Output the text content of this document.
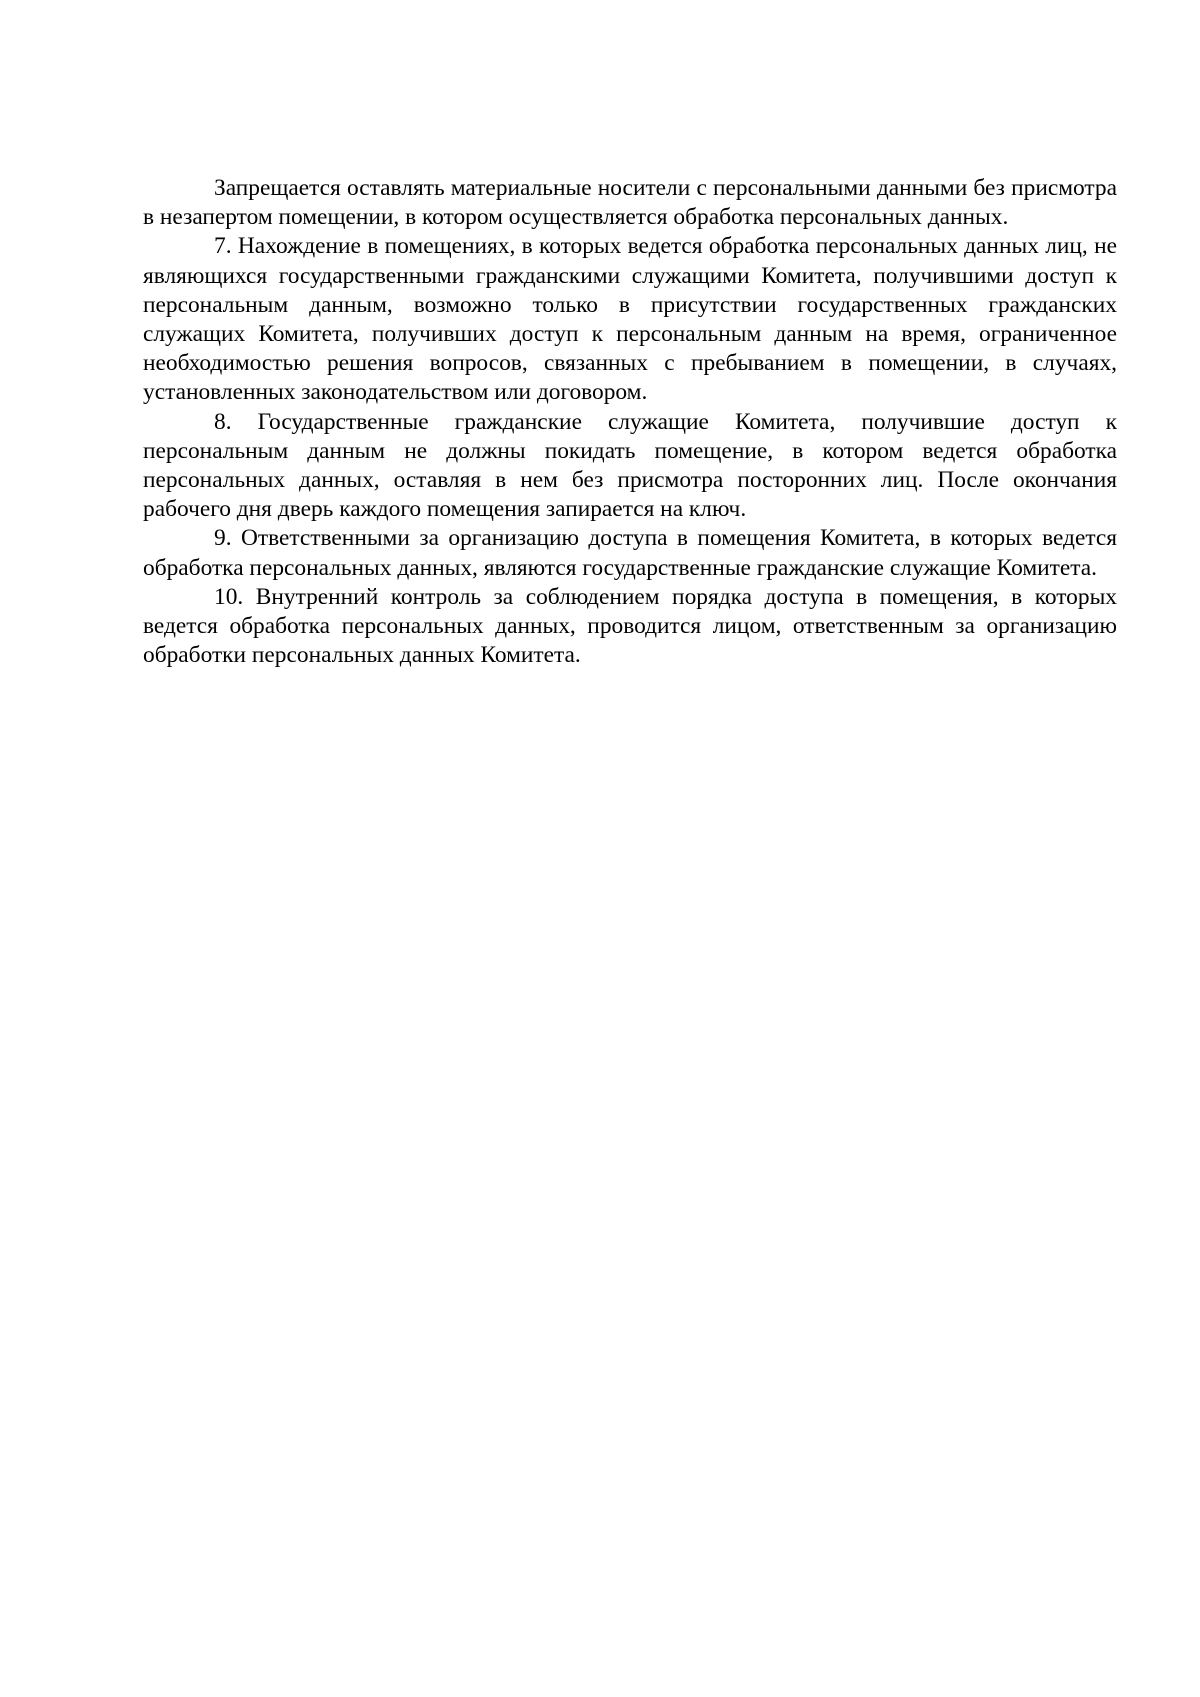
Запрещается оставлять материальные носители с персональными данными без присмотра в незапертом помещении, в котором осуществляется обработка персональных данных.

7. Нахождение в помещениях, в которых ведется обработка персональных данных лиц, не являющихся государственными гражданскими служащими Комитета, получившими доступ к персональным данным, возможно только в присутствии государственных гражданских служащих Комитета, получивших доступ к персональным данным на время, ограниченное необходимостью решения вопросов, связанных с пребыванием в помещении, в случаях, установленных законодательством или договором.

8. Государственные гражданские служащие Комитета, получившие доступ к персональным данным не должны покидать помещение, в котором ведется обработка персональных данных, оставляя в нем без присмотра посторонних лиц. После окончания рабочего дня дверь каждого помещения запирается на ключ.

9. Ответственными за организацию доступа в помещения Комитета, в которых ведется обработка персональных данных, являются государственные гражданские служащие Комитета.

10. Внутренний контроль за соблюдением порядка доступа в помещения, в которых ведется обработка персональных данных, проводится лицом, ответственным за организацию обработки персональных данных Комитета.
